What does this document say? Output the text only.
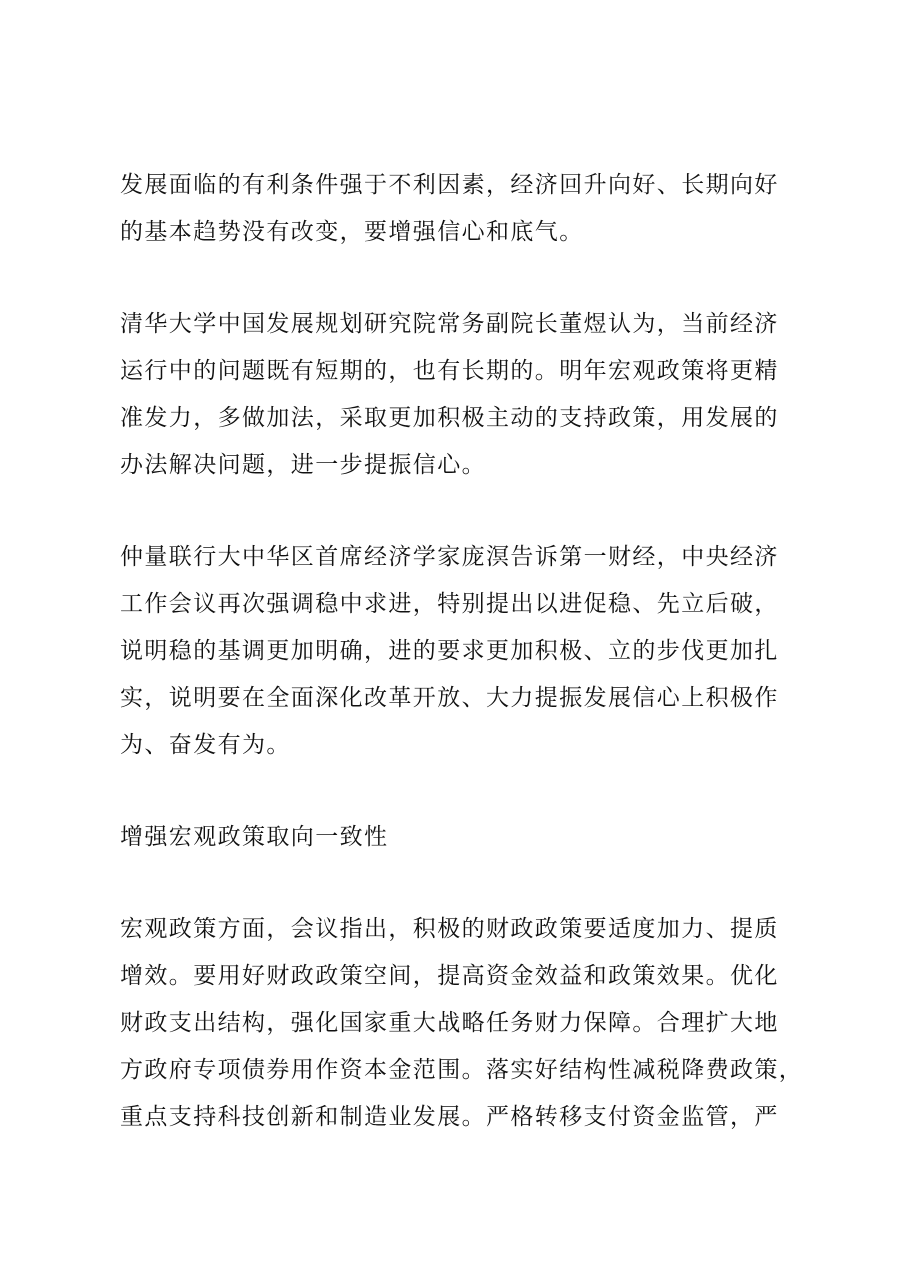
发展面临的有利条件强于不利因素，经济回升向好、长期向好
的基本趋势没有改变，要增强信心和底气。

清华大学中国发展规划研究院常务副院长董煜认为，当前经济
运行中的问题既有短期的，也有长期的。明年宏观政策将更精
准发力，多做加法，采取更加积极主动的支持政策，用发展的
办法解决问题，进一步提振信心。

仲量联行大中华区首席经济学家庞溟告诉第一财经，中央经济
工作会议再次强调稳中求进，特别提出以进促稳、先立后破，
说明稳的基调更加明确，进的要求更加积极、立的步伐更加扎
实，说明要在全面深化改革开放、大力提振发展信心上积极作
为、奋发有为。

增强宏观政策取向一致性

宏观政策方面，会议指出，积极的财政政策要适度加力、提质
增效。要用好财政政策空间，提高资金效益和政策效果。优化
财政支出结构，强化国家重大战略任务财力保障。合理扩大地
方政府专项债券用作资本金范围。落实好结构性减税降费政策，
重点支持科技创新和制造业发展。严格转移支付资金监管，严
